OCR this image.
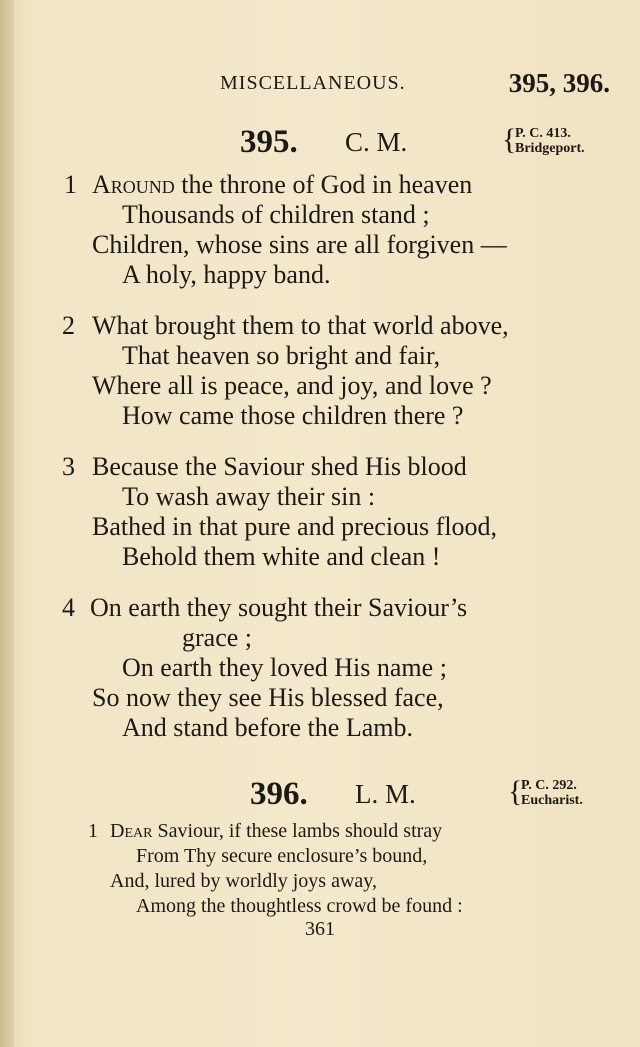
MISCELLANEOUS.	395, 396.
395. C. M.	{
P. C. 413.
Bridgeport.
1 Around the throne of God in heaven
Thousands of children stand ;
Children, whose sins are all forgiven —
A holy, happy band.
2 What brought them to that world above,
That heaven so bright and fair,
Where all is peace, and joy, and love ?
How came those children there ?
3 Because the Saviour shed His blood
To wash away their sin :
Bathed in that pure and precious flood,
Behold them white and clean !
4 On earth they sought their Saviour’s
grace ;
On earth they loved His name ;
So now they see His blessed face,
And stand before the Lamb.
396. L. M.	{
P. C. 292.
Eucharist.
1 Dear Saviour, if these lambs should stray
From Thy secure enclosure’s bound,
And, lured by worldly joys away,
Among the thoughtless crowd be found :
361
